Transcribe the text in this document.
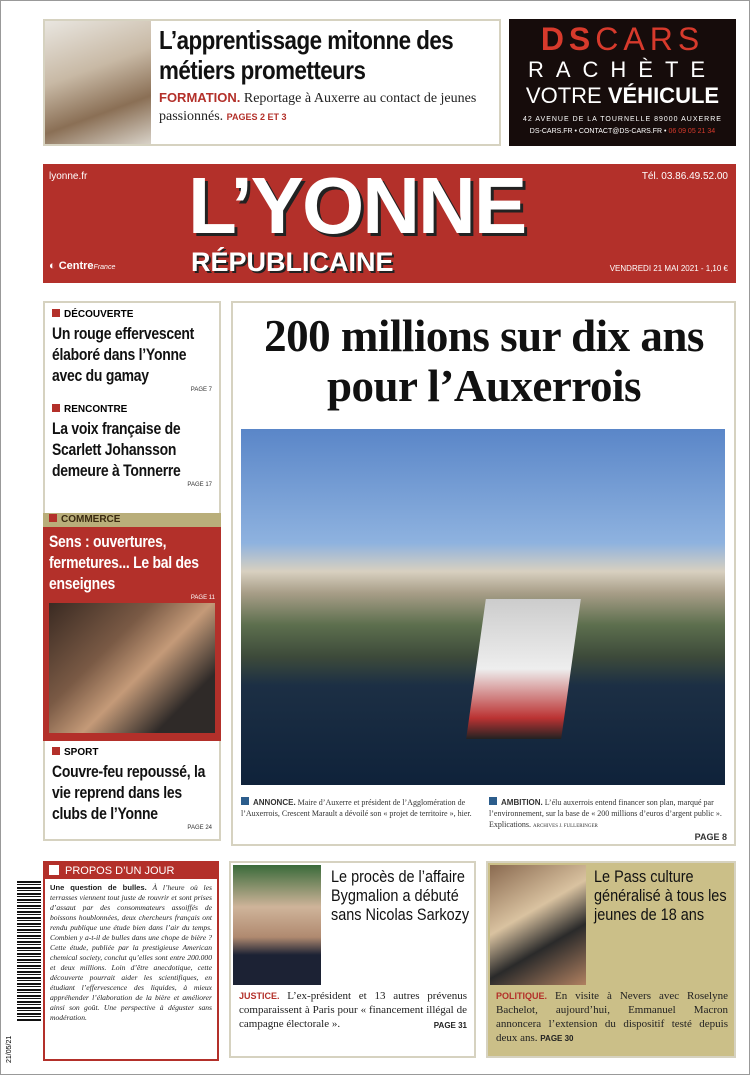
L’apprentissage mitonne des métiers prometteurs
FORMATION. Reportage à Auxerre au contact de jeunes passionnés. PAGES 2 ET 3
DSCARS
RACHÈTE
VOTRE VÉHICULE
42 AVENUE DE LA TOURNELLE 89000 AUXERRE
DS-CARS.FR • CONTACT@DS-CARS.FR • 06 09 05 21 34
lyonne.fr L’YONNE
RÉPUBLICAINE
◐ CentreFrance
Tél. 03.86.49.52.00
VENDREDI 21 MAI 2021 - 1,10 €
DÉCOUVERTE
Un rouge effervescent élaboré dans l’Yonne avec du gamay
PAGE 7
RENCONTRE
La voix française de Scarlett Johansson demeure à Tonnerre
PAGE 17
COMMERCE
Sens : ouvertures, fermetures... Le bal des enseignes
PAGE 11
SPORT
Couvre-feu repoussé, la vie reprend dans les clubs de l’Yonne
PAGE 24
200 millions sur dix ans pour l’Auxerrois
ANNONCE. Maire d’Auxerre et président de l’Agglomération de l’Auxerrois, Crescent Marault a dévoilé son « projet de territoire », hier.
AMBITION. L’élu auxerrois entend financer son plan, marqué par l’environnement, sur la base de « 200 millions d’euros d’argent public ». Explications. ARCHIVES J. FULLERINGER
PAGE 8
21/05/21
PROPOS D’UN JOUR
Une question de bulles. À l’heure où les terrasses viennent tout juste de rouvrir et sont prises d’assaut par des consommateurs assoiffés de boissons houblonnées, deux chercheurs français ont rendu publique une étude bien dans l’air du temps. Combien y a-t-il de bulles dans une chope de bière ? Cette étude, publiée par la prestigieuse American chemical society, conclut qu’elles sont entre 200.000 et deux millions. Loin d’être anecdotique, cette découverte pourrait aider les scientifiques, en étudiant l’effervescence des liquides, à mieux appréhender l’élaboration de la bière et améliorer ainsi son goût. Une perspective à déguster sans modération.
Le procès de l’affaire Bygmalion a débuté sans Nicolas Sarkozy
JUSTICE. L’ex-président et 13 autres prévenus comparaissent à Paris pour « financement illégal de campagne électorale ».	PAGE 31
Le Pass culture généralisé à tous les jeunes de 18 ans
POLITIQUE. En visite à Nevers avec Roselyne Bachelot, aujourd’hui, Emmanuel Macron annoncera l’extension du dispositif testé depuis deux ans. PAGE 30
